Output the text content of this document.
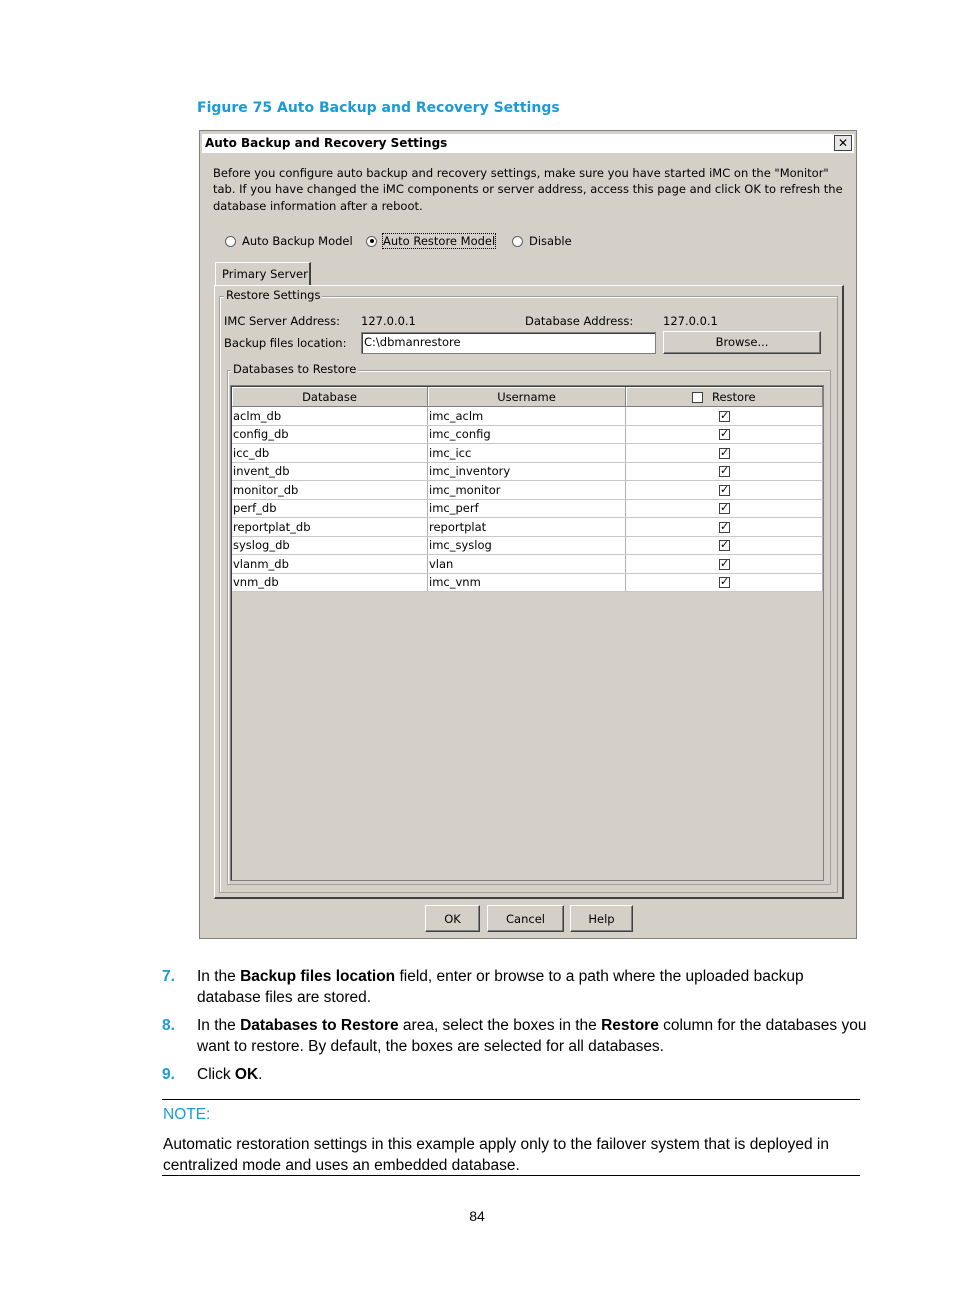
Figure 75 Auto Backup and Recovery Settings
Auto Backup and Recovery Settings	✕
Before you configure auto backup and recovery settings, make sure you have started iMC on the "Monitor" tab. If you have changed the iMC components or server address, access this page and click OK to refresh the database information after a reboot.
Auto Backup Model	Auto Restore Model	Disable
Primary Server
Restore Settings
IMC Server Address: 127.0.0.1	Database Address:	127.0.0.1
Backup files location: C:\dbmanrestore	Browse...
Databases to Restore
OK	Cancel	Help
Database	Username	Restore
aclm_db	imc_aclm	✓
config_db	imc_config	✓
icc_db	imc_icc	✓
invent_db	imc_inventory	✓
monitor_db	imc_monitor	✓
perf_db	imc_perf	✓
reportplat_db	reportplat	✓
syslog_db	imc_syslog	✓
vlanm_db	vlan	✓
vnm_db	imc_vnm	✓
7. In the Backup files location field, enter or browse to a path where the uploaded backup database files are stored.
8. In the Databases to Restore area, select the boxes in the Restore column for the databases you want to restore. By default, the boxes are selected for all databases.
9. Click OK.
NOTE:
Automatic restoration settings in this example apply only to the failover system that is deployed in centralized mode and uses an embedded database.
84
